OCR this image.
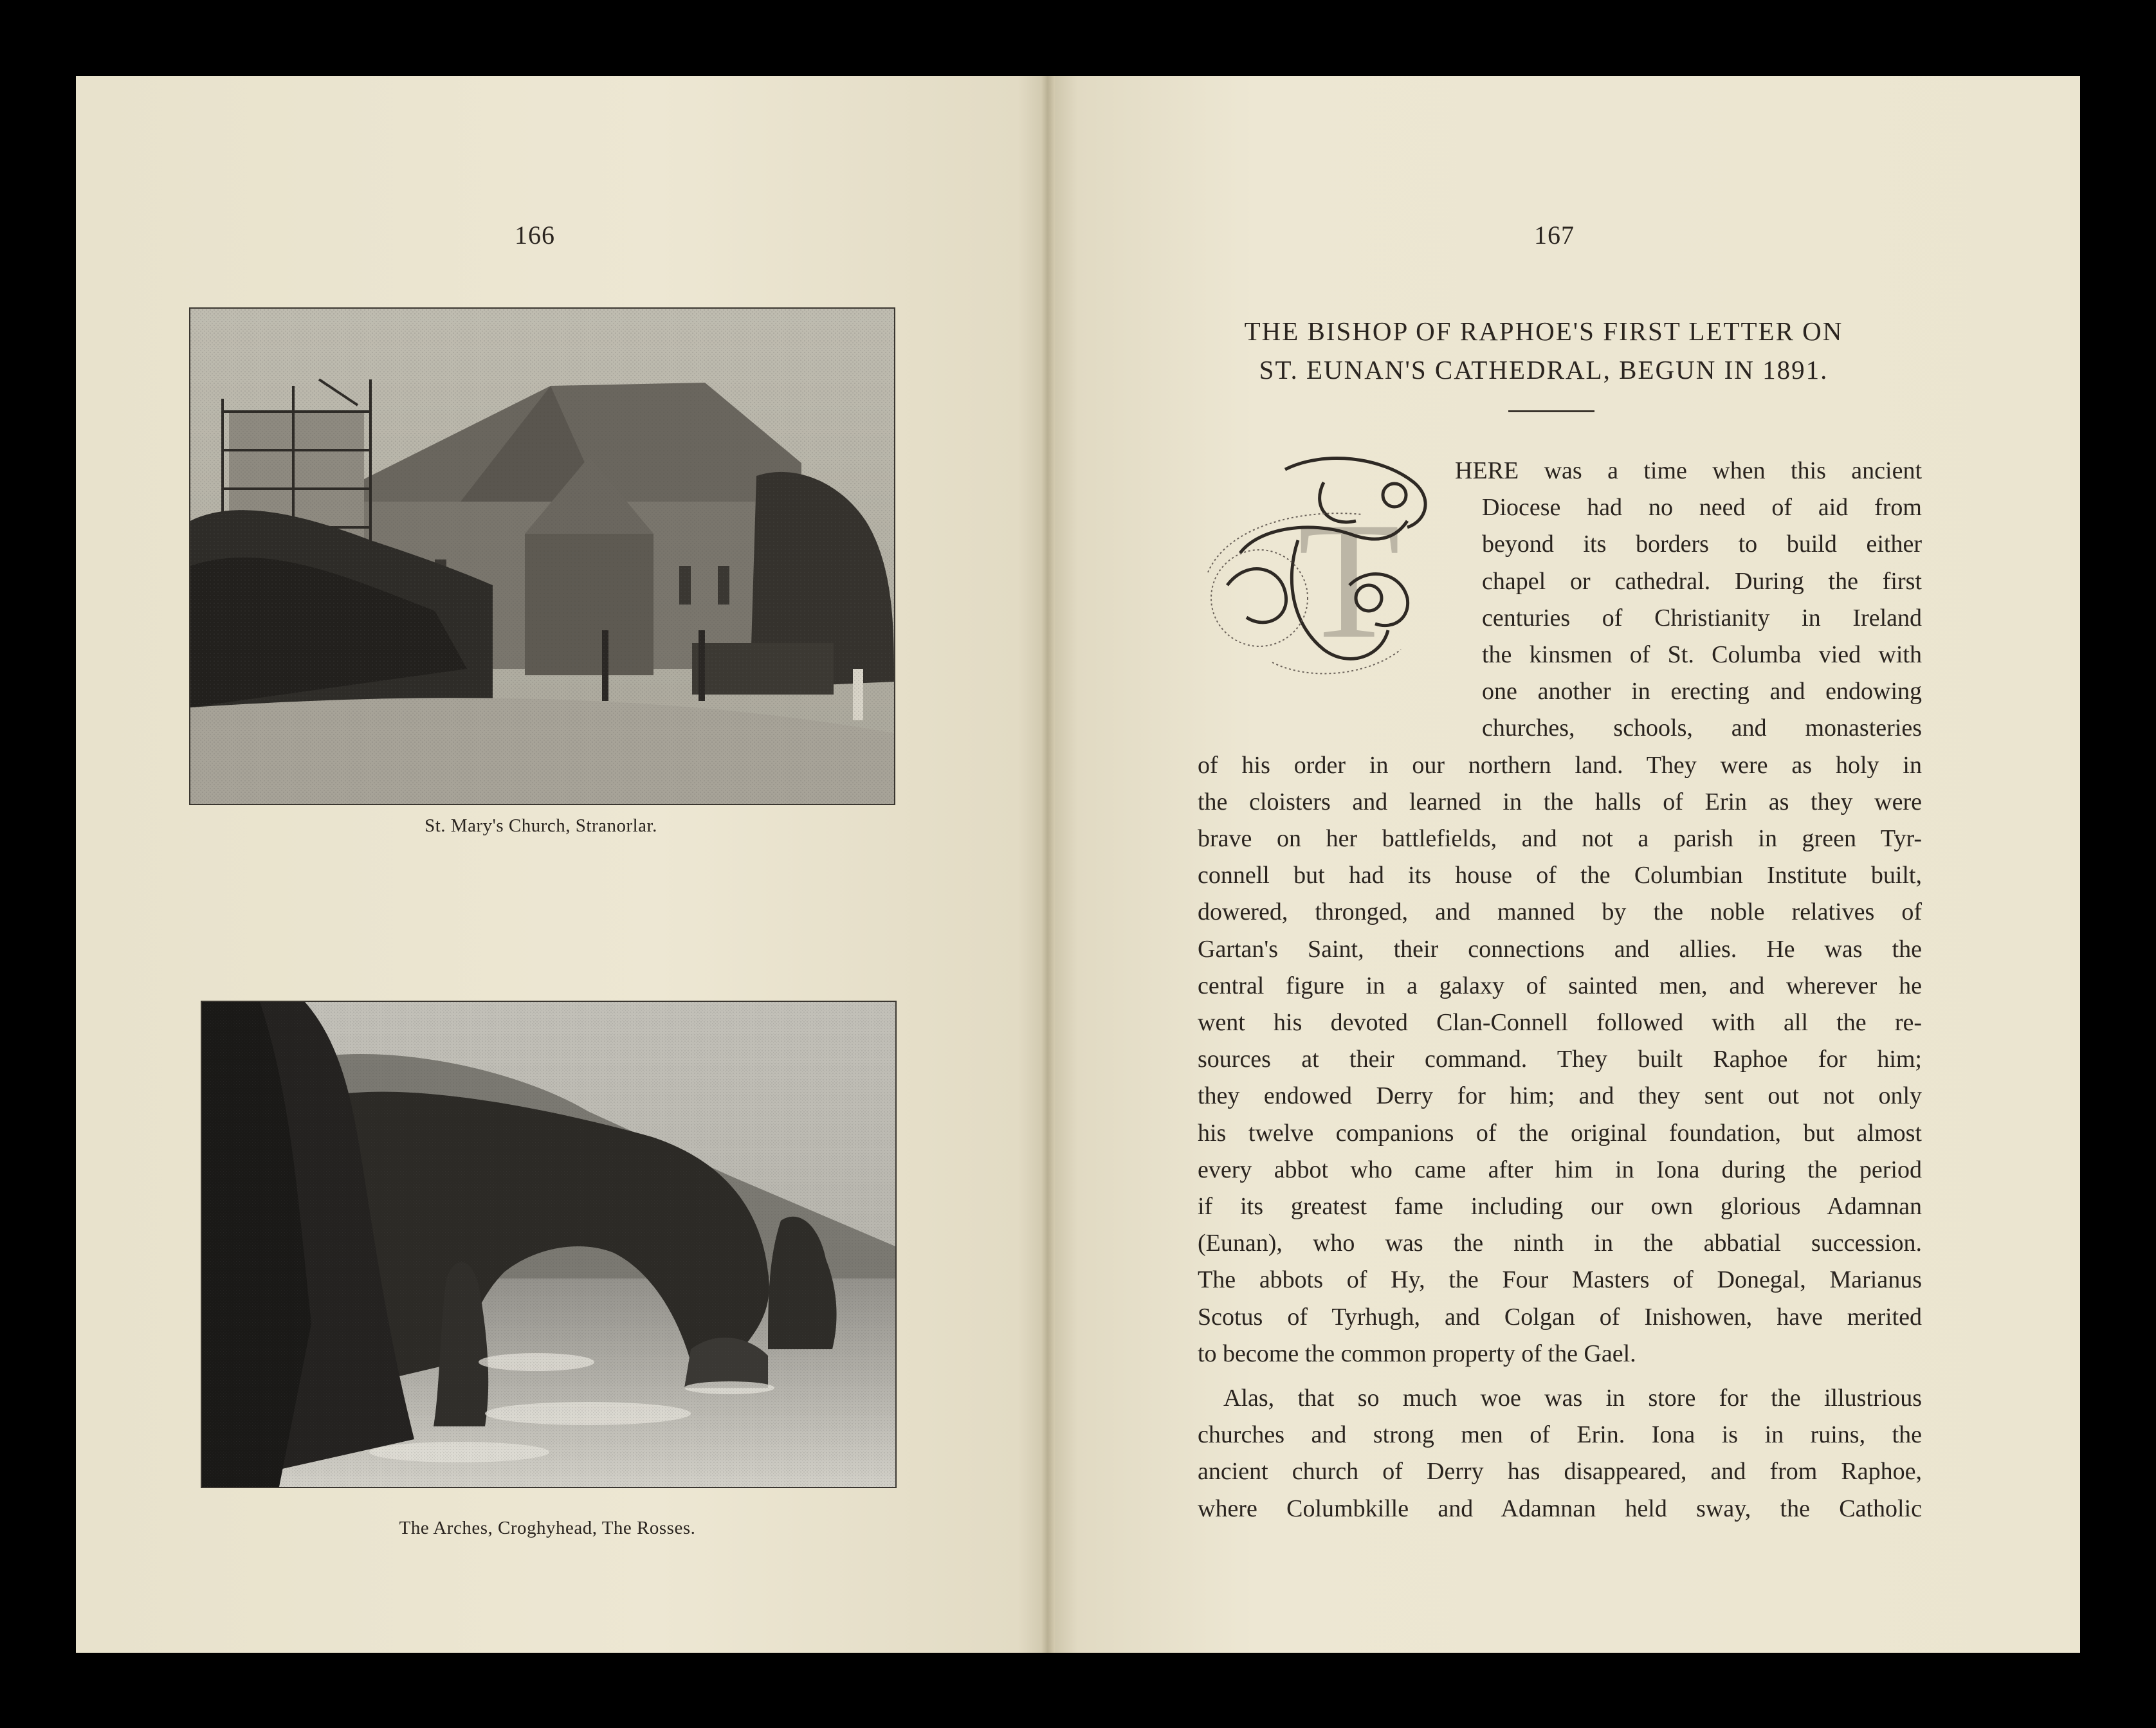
166
St. Mary's Church, Stranorlar.
The Arches, Croghyhead, The Rosses.
167
THE BISHOP OF RAPHOE'S FIRST LETTER ON
ST. EUNAN'S CATHEDRAL, BEGUN IN 1891.
T
HERE was a time when this ancient
Diocese had no need of aid from
beyond its borders to build either
chapel or cathedral. During the first
centuries of Christianity in Ireland
the kinsmen of St. Columba vied with
one another in erecting and endowing
churches, schools, and monasteries
of his order in our northern land. They were as holy in
the cloisters and learned in the halls of Erin as they were
brave on her battlefields, and not a parish in green Tyr-
connell but had its house of the Columbian Institute built,
dowered, thronged, and manned by the noble relatives of
Gartan's Saint, their connections and allies. He was the
central figure in a galaxy of sainted men, and wherever he
went his devoted Clan-Connell followed with all the re-
sources at their command. They built Raphoe for him;
they endowed Derry for him; and they sent out not only
his twelve companions of the original foundation, but almost
every abbot who came after him in Iona during the period
if its greatest fame including our own glorious Adamnan
(Eunan), who was the ninth in the abbatial succession.
The abbots of Hy, the Four Masters of Donegal, Marianus
Scotus of Tyrhugh, and Colgan of Inishowen, have merited
to become the common property of the Gael.
Alas, that so much woe was in store for the illustrious
churches and strong men of Erin. Iona is in ruins, the
ancient church of Derry has disappeared, and from Raphoe,
where Columbkille and Adamnan held sway, the Catholic
